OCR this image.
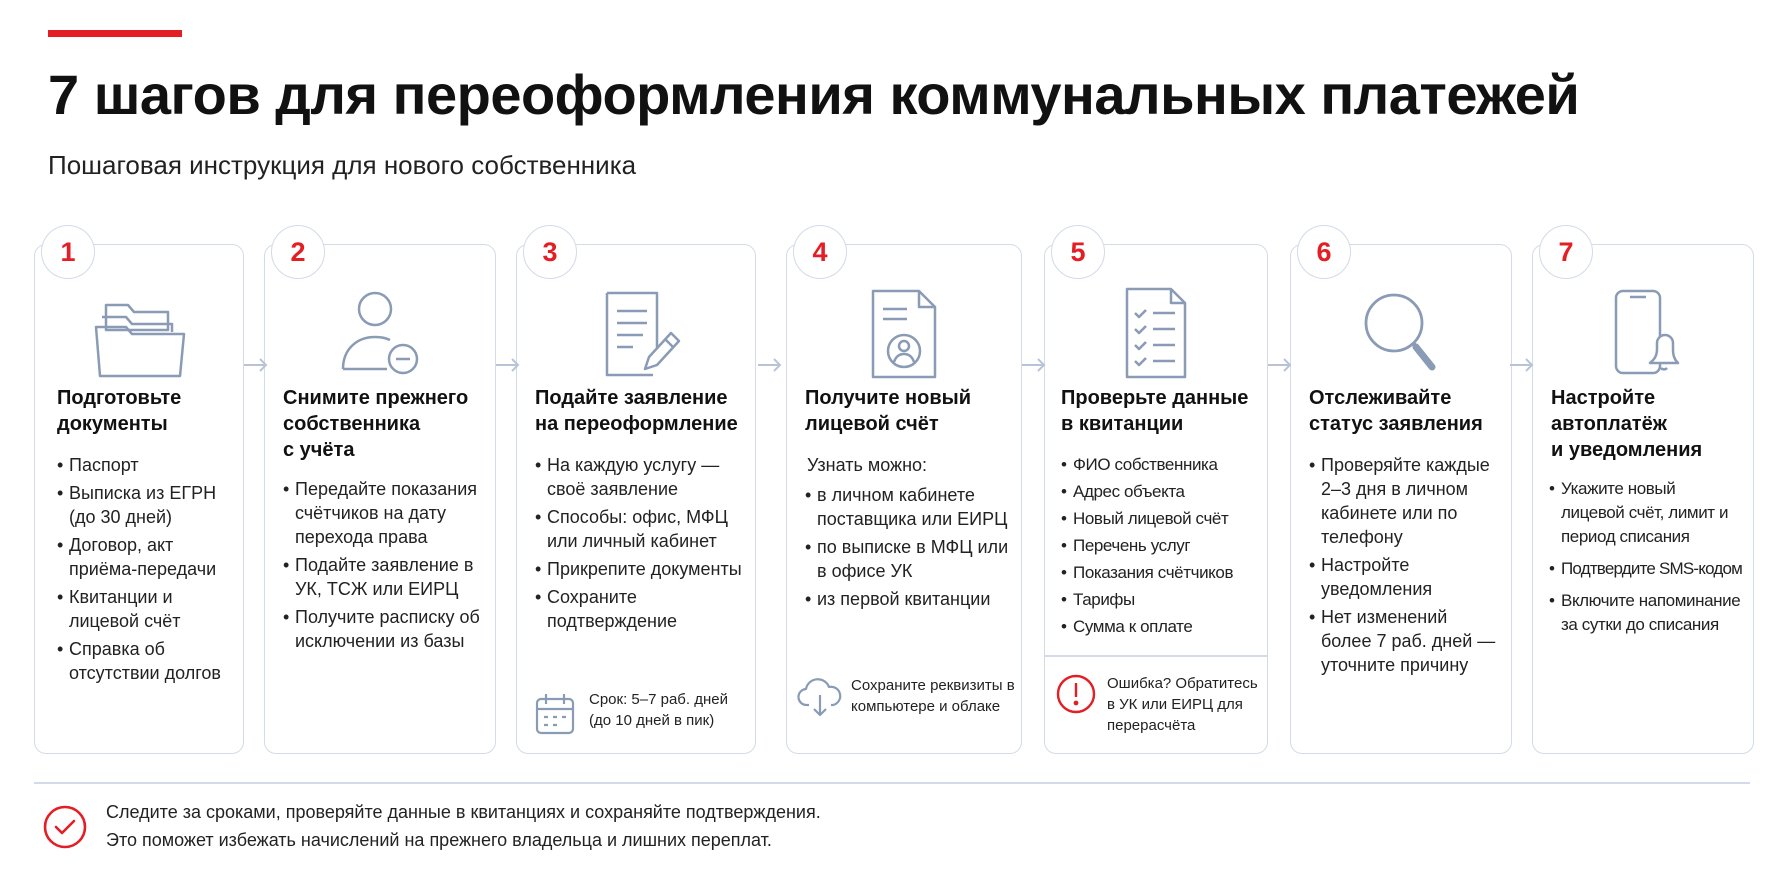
7 шагов для переоформления коммунальных платежей
Пошаговая инструкция для нового собственника
1
Подготовьте
документы
• Паспорт
• Выписка из ЕГРН (до 30 дней)
• Договор, акт приёма-передачи
• Квитанции и лицевой счёт
• Справка об отсутствии долгов
2
Снимите прежнего
собственника
с учёта
• Передайте показания счётчиков на дату перехода права
• Подайте заявление в УК, ТСЖ или ЕИРЦ
• Получите расписку об исключении из базы
3
Подайте заявление
на переоформление
• На каждую услугу — своё заявление
• Способы: офис, МФЦ или личный кабинет
• Прикрепите документы
• Сохраните подтверждение
Срок: 5–7 раб. дней (до 10 дней в пик)
4
Получите новый
лицевой счёт
Узнать можно:
• в личном кабинете поставщика или ЕИРЦ
• по выписке в МФЦ или в офисе УК
• из первой квитанции
Сохраните реквизиты в компьютере и облаке
5
Проверьте данные
в квитанции
• ФИО собственника
• Адрес объекта
• Новый лицевой счёт
• Перечень услуг
• Показания счётчиков
• Тарифы
• Сумма к оплате
Ошибка? Обратитесь в УК или ЕИРЦ для перерасчёта
6
Отслеживайте
статус заявления
• Проверяйте каждые 2–3 дня в личном кабинете или по телефону
• Настройте уведомления
• Нет изменений более 7 раб. дней — уточните причину
7
Настройте
автоплатёж
и уведомления
• Укажите новый лицевой счёт, лимит и период списания
• Подтвердите SMS-кодом
• Включите напоминание за сутки до списания
Следите за сроками, проверяйте данные в квитанциях и сохраняйте подтверждения.
Это поможет избежать начислений на прежнего владельца и лишних переплат.
